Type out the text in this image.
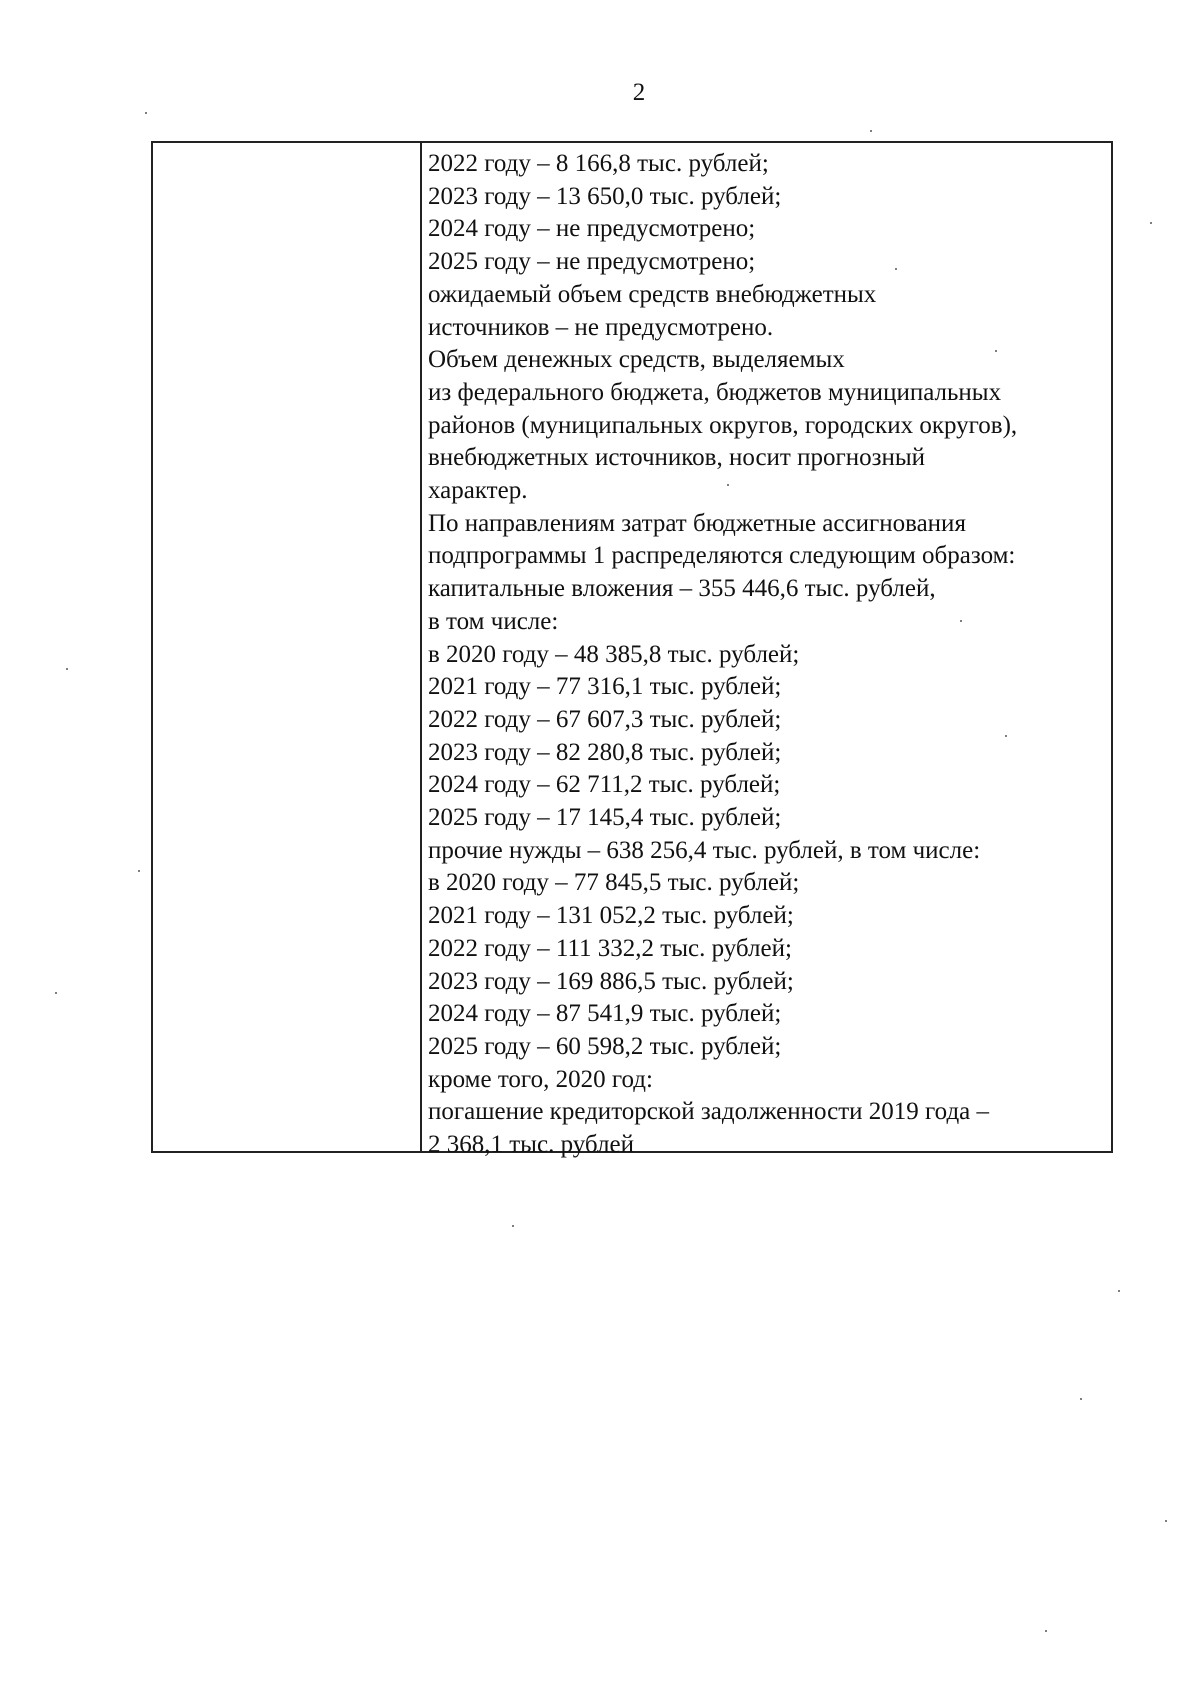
2
2022 году – 8 166,8 тыс. рублей;
2023 году – 13 650,0 тыс. рублей;
2024 году – не предусмотрено;
2025 году – не предусмотрено;
ожидаемый объем средств внебюджетных
источников – не предусмотрено.
Объем денежных средств, выделяемых
из федерального бюджета, бюджетов муниципальных
районов (муниципальных округов, городских округов),
внебюджетных источников, носит прогнозный
характер.
По направлениям затрат бюджетные ассигнования
подпрограммы 1 распределяются следующим образом:
капитальные вложения – 355 446,6 тыс. рублей,
в том числе:
в 2020 году – 48 385,8 тыс. рублей;
2021 году – 77 316,1 тыс. рублей;
2022 году – 67 607,3 тыс. рублей;
2023 году – 82 280,8 тыс. рублей;
2024 году – 62 711,2 тыс. рублей;
2025 году – 17 145,4 тыс. рублей;
прочие нужды – 638 256,4 тыс. рублей, в том числе:
в 2020 году – 77 845,5 тыс. рублей;
2021 году – 131 052,2 тыс. рублей;
2022 году – 111 332,2 тыс. рублей;
2023 году – 169 886,5 тыс. рублей;
2024 году – 87 541,9 тыс. рублей;
2025 году – 60 598,2 тыс. рублей;
кроме того, 2020 год:
погашение кредиторской задолженности 2019 года –
2 368,1 тыс. рублей
